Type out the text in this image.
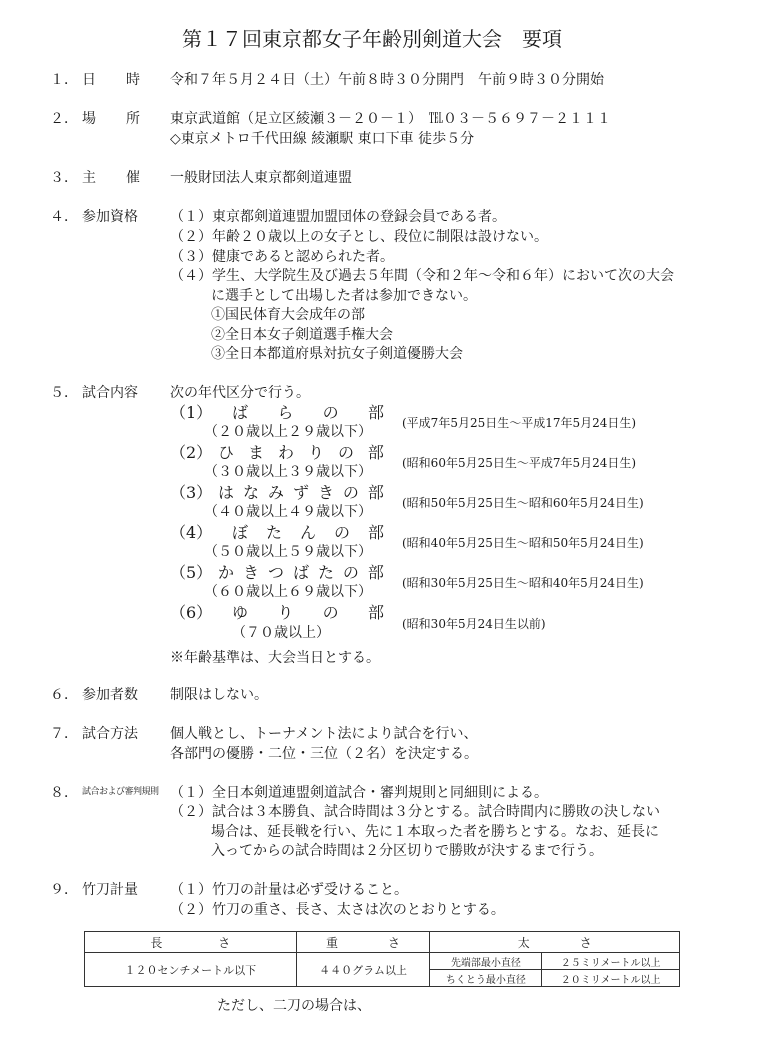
第１７回東京都女子年齢別剣道大会　要項
１． 日 時 令和７年５月２４日（土）午前８時３０分開門　午前９時３０分開始
２． 場 所 東京武道館（足立区綾瀬３－２０－１）　℡０３－５６９７－２１１１
◇東京メトロ千代田線 綾瀬駅 東口下車 徒歩５分
３． 主 催 一般財団法人東京都剣道連盟
４． 参加資格 （１）東京都剣道連盟加盟団体の登録会員である者。
（２）年齢２０歳以上の女子とし、段位に制限は設けない。
（３）健康であると認められた者。
（４）学生、大学院生及び過去５年間（令和２年～令和６年）において次の大会
に選手として出場した者は参加できない。
①国民体育大会成年の部
②全日本女子剣道選手権大会
③全日本都道府県対抗女子剣道優勝大会
５． 試合内容 次の年代区分で行う。
（1） ば ら の 部
（２０歳以上２９歳以下）
(平成7年5月25日生～平成17年5月24日生)
（2） ひ ま わ り の 部
（３０歳以上３９歳以下）
(昭和60年5月25日生～平成7年5月24日生)
（3） は な み ず き の 部
（４０歳以上４９歳以下）
(昭和50年5月25日生～昭和60年5月24日生)
（4） ぼ た ん の 部
（５０歳以上５９歳以下）
(昭和40年5月25日生～昭和50年5月24日生)
（5） か き つ ば た の 部
（６０歳以上６９歳以下）
(昭和30年5月25日生～昭和40年5月24日生)
（6） ゆ り の 部
（７０歳以上）
(昭和30年5月24日生以前)
※年齢基準は、大会当日とする。
６． 参加者数 制限はしない。
７． 試合方法 個人戦とし、トーナメント法により試合を行い、
各部門の優勝・二位・三位（２名）を決定する。
８． 試合および審判規則 （１）全日本剣道連盟剣道試合・審判規則と同細則による。
（２）試合は３本勝負、試合時間は３分とする。試合時間内に勝敗の決しない
場合は、延長戦を行い、先に１本取った者を勝ちとする。なお、延長に
入ってからの試合時間は２分区切りで勝敗が決するまで行う。
９． 竹刀計量 （１）竹刀の計量は必ず受けること。
（２）竹刀の重さ、長さ、太さは次のとおりとする。
長 さ	重 さ	太 さ	

１２０センチメートル以下	４４０グラム以上	先端部最小直径	２５ミリメートル以上
		ちくとう最小直径	２０ミリメートル以上
ただし、二刀の場合は、
